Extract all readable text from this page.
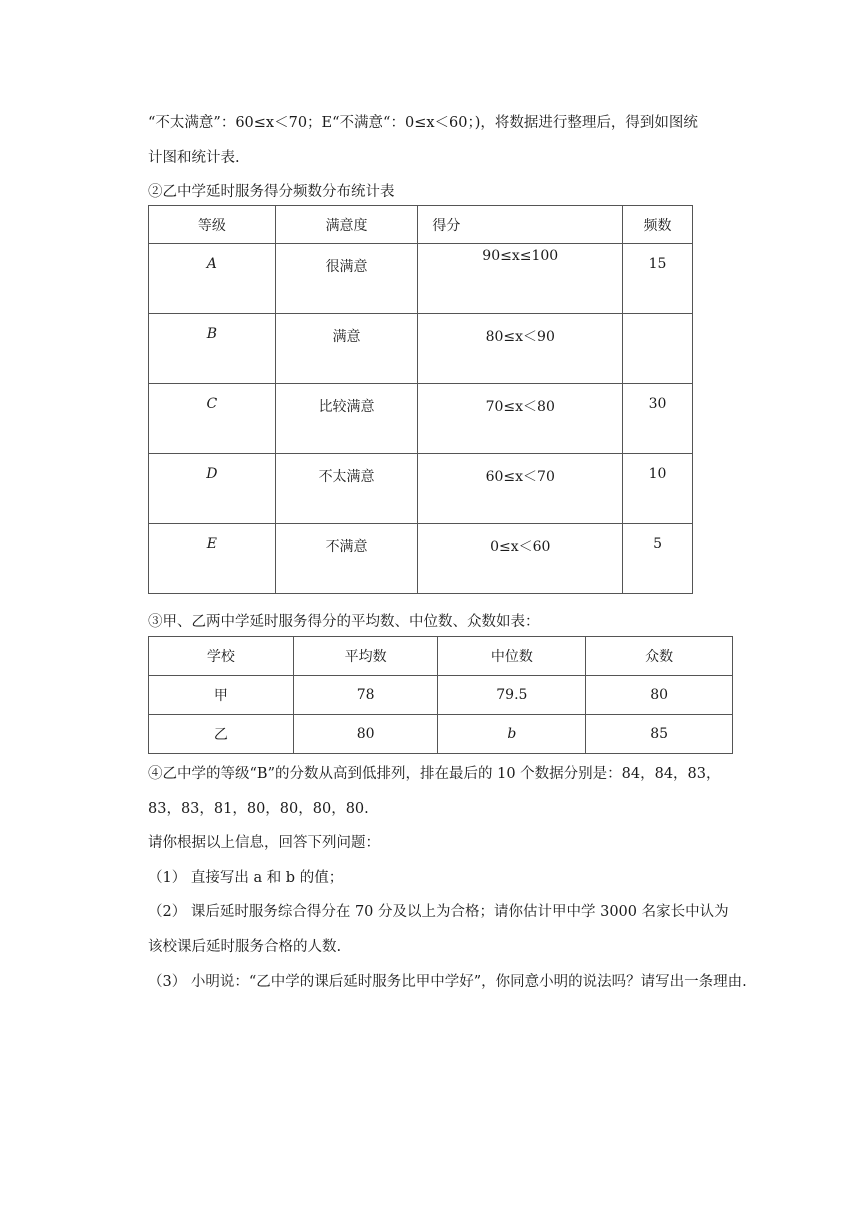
“不太满意”：60≤x＜70；E“不满意“：0≤x＜60；)，将数据进行整理后，得到如图统
计图和统计表.
②乙中学延时服务得分频数分布统计表
等级	满意度	得分	频数
A	很满意	90≤x≤100	15
B	满意	80≤x＜90	
C	比较满意	70≤x＜80	30
D	不太满意	60≤x＜70	10
E	不满意	0≤x＜60	5
③甲、乙两中学延时服务得分的平均数、中位数、众数如表：
学校	平均数	中位数	众数
甲	78	79.5	80
乙	80	b	85
④乙中学的等级“B”的分数从高到低排列，排在最后的 10 个数据分别是：84，84，83，
83，83，81，80，80，80，80.
请你根据以上信息，回答下列问题：
（1） 直接写出 a 和 b 的值；
（2） 课后延时服务综合得分在 70 分及以上为合格；请你估计甲中学 3000 名家长中认为
该校课后延时服务合格的人数.
（3） 小明说：“乙中学的课后延时服务比甲中学好”，你同意小明的说法吗？请写出一条理由.
